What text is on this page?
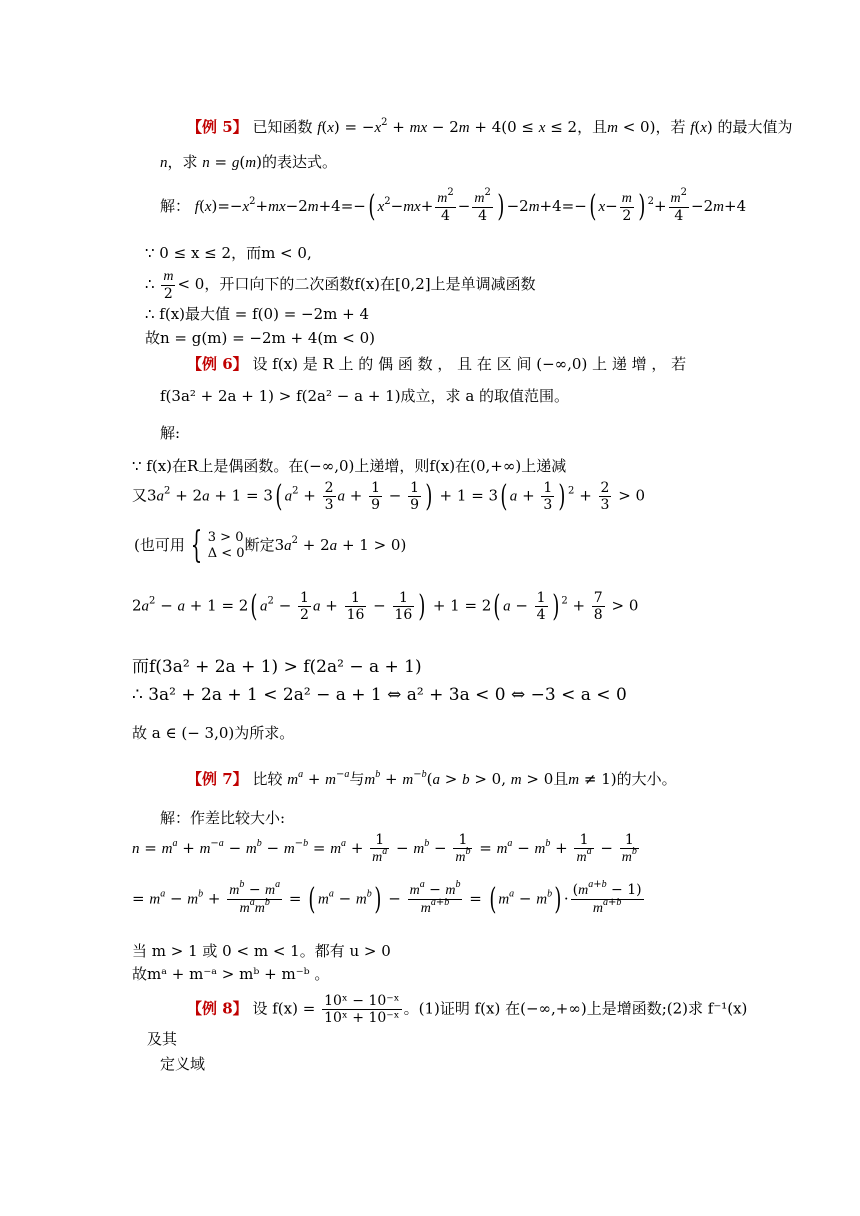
【例 5】 已知函数 $f(x) = -x^2$ + mx − 2m + 4(0 ≤ x ≤ 2，且m < 0)，若 f(x) 的最大值为
n，求 n = g(m)的表达式。
解： $f(x)=-x^2+mx-2m+4=-$( $x^2-mx+ \frac{m^2}{4} - \frac{m^2}{4}$ ) −2m+4=−( $x- \frac{m}{2}$ ) $^2+ \frac{m^2}{4} -2m+4$
∵ 0 ≤ x ≤ 2，而m < 0,
∴ $\frac{m}{2} < 0$，开口向下的二次函数f(x)在[0,2]上是单调减函数
∴ f(x)最大值 = f(0) = −2m + 4
故n = g(m) = −2m + 4(m < 0)
【例 6】 设 f(x) 是 R 上 的 偶 函 数 ， 且 在 区 间 (−∞,0) 上 递 增 ， 若
f(3a² + 2a + 1) > f(2a² − a + 1)成立，求 a 的取值范围。
解:
∵ f(x)在R上是偶函数。在(−∞,0)上递增，则f(x)在(0,+∞)上递减
又$3a^2 + 2a + 1 = 3$( $a^2 + \frac{2}{3}$ $a + \frac{1}{9} - \frac{1}{9}$ ) + 1 = 3( $a + \frac{1}{3}$ ) $^2 + \frac{2}{3} > 0$
(也可用 { 3 > 0
Δ < 0断定$3a^2 + 2a + 1 > 0$)
$2a^2 - a + 1 = 2$( $a^2 - \frac{1}{2}$ $a + \frac{1}{16} - \frac{1}{16}$ ) + 1 = 2( $a - \frac{1}{4}$ ) $^2 + \frac{7}{8} > 0$
而f(3a² + 2a + 1) > f(2a² − a + 1)
∴ 3a² + 2a + 1 < 2a² − a + 1 ⇔ a² + 3a < 0 ⇔ −3 < a < 0
故 a ∈ (− 3,0)为所求。
【例 7】 比较 $m^a + m^{-a}$与$m^b + m^{-b}(a > b > 0$, m > 0且m ≠ 1)的大小。
解：作差比较大小:
$n = m^a + m^{-a} - m^b - m^{-b} = m^a + \frac{1}{m^a} - m^b - \frac{1}{m^b} = m^a - m^b + \frac{1}{m^a} - \frac{1}{m^b}$
= $m^a - m^b + \frac{m^b - m^a}{m^am^b}$ = ( $m^a - m^b) - \frac{m^a - m^b}{m^{a+b}}$ = ( $m^a - m^b) \cdot \frac{(m^{a+b} - 1)}{m^{a+b}}$
当 m > 1 或 0 < m < 1。都有 u > 0
故mᵃ + m⁻ᵃ > mᵇ + m⁻ᵇ 。
【例 8】 设 $f(x) = \frac{\text{10ˣ − 10⁻ˣ}}{\text{10ˣ + 10⁻ˣ}}$ 。(1)证明 f(x) 在(−∞,+∞)上是增函数;(2)求 f⁻¹(x)
及其
定义域
